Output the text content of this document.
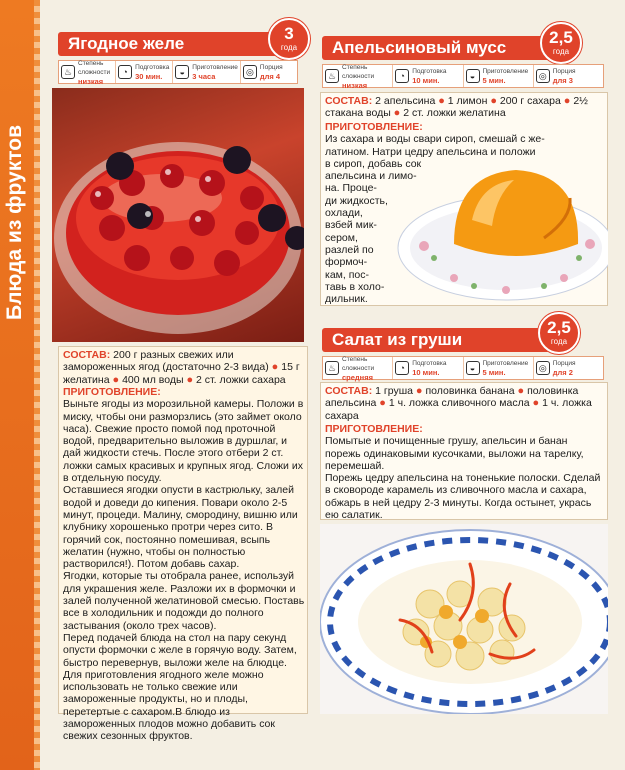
Блюда из фруктов
Ягодное желе
3
года
♨
Степень сложности
низкая
◔	Подготовка
30 мин.	◒	Приготовление
3 часа	◎ Порция
для 4
СОСТАВ: 200 г разных свежих или замороженных ягод (достаточно 2-3 вида) ● 15 г желатина ● 400 мл воды ● 2 ст. ложки сахара

ПРИГОТОВЛЕНИЕ:

Выньте ягоды из морозильной камеры. Положи в миску, чтобы они разморзлись (это займет около часа). Свежие просто помой под проточной водой, предварительно выложив в дуршлаг, и дай жидкости стечь. После этого отбери 2 ст. ложки самых красивых и крупных ягод. Сложи их в отдельную посуду.

Оставшиеся ягодки опусти в кастрюльку, залей водой и доведи до кипения. Повари около 2-5 минут, процеди. Малину, смородину, вишню или клубнику хорошенько протри через сито. В горячий сок, постоянно помешивая, всыпь желатин (нужно, чтобы он полностью растворился!). Потом добавь сахар.

Ягодки, которые ты отобрала ранее, используй для украшения желе. Разложи их в формочки и залей полученной желатиновой смесью. Поставь все в холодильник и подожди до полного застывания (около трех часов).

Перед подачей блюда на стол на пару секунд опусти формочки с желе в горячую воду. Затем, быстро перевернув, выложи желе на блюдце.

Для приготовления ягодного желе можно использовать не только свежие или замороженные продукты, но и плоды, перетертые с сахаром.В блюдо из замороженных плодов можно добавить сок свежих сезонных фруктов.

Апельсиновый мусс
2,5
года
♨
Степень сложности
низкая
◔	Подготовка
10 мин.	◒	Приготовление
5 мин.	◎ Порция
для 3
СОСТАВ: 2 апельсина ● 1 лимон ● 200 г сахара ● 2½ стакана воды ● 2 ст. ложки желатина

ПРИГОТОВЛЕНИЕ:

Из сахара и воды свари сироп, смешай с же-

латином. Натри цедру апельсина и положи

в сироп, добавь сок

апельсина и лимо-

на. Проце-

ди жидкость,

охлади,

взбей мик-

сером,

разлей по

формоч-

кам, пос-

тавь в холо-

дильник.

Салат из груши
2,5
года
♨
Степень сложности
средняя
◔	Подготовка
10 мин.	◒	Приготовление
5 мин.	◎ Порция
для 2
СОСТАВ: 1 груша ● половинка банана ● половинка апельсина ● 1 ч. ложка сливочного масла ● 1 ч. ложка сахара

ПРИГОТОВЛЕНИЕ:

Помытые и почищенные грушу, апельсин и банан порежь одинаковыми кусочками, выложи на тарелку, перемешай.

Порежь цедру апельсина на тоненькие полоски. Сделай в сковороде карамель из сливочного масла и сахара, обжарь в ней цедру 2-3 минуты. Когда остынет, укрась ею салатик.
